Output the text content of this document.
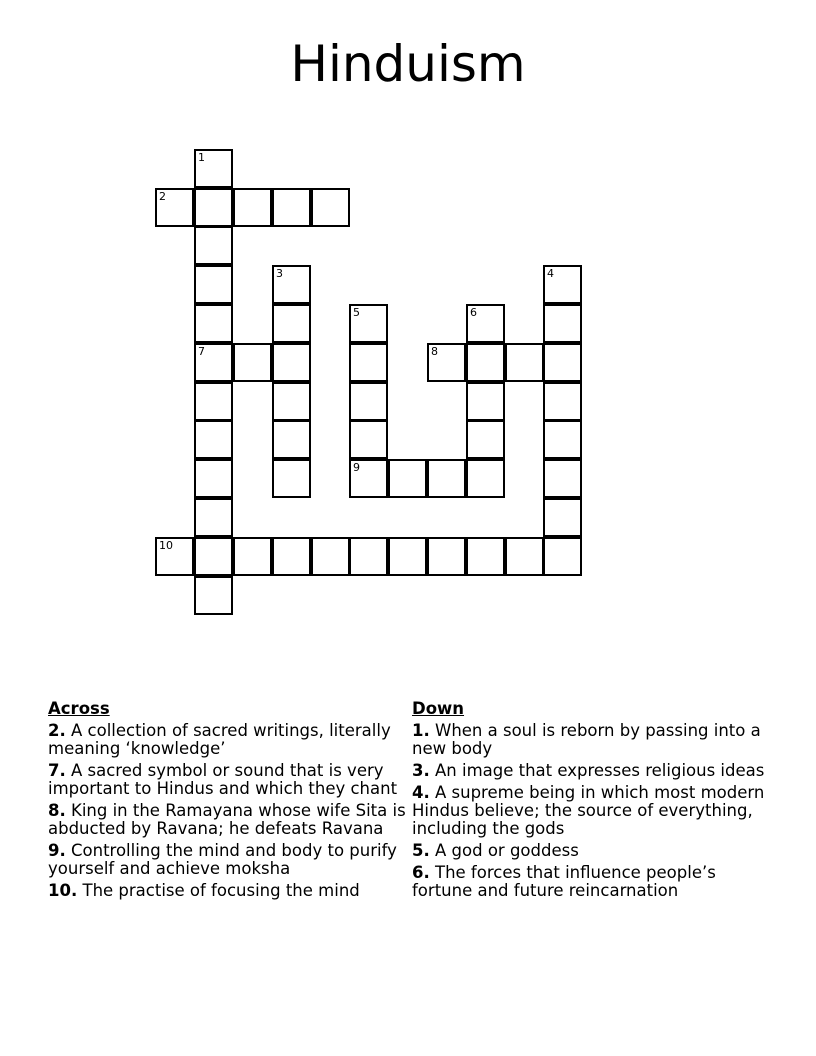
Hinduism
1
2
3	4
5	6
7	8
9
10
Across
2. A collection of sacred writings, literally meaning ‘knowledge’
7. A sacred symbol or sound that is very important to Hindus and which they chant
8. King in the Ramayana whose wife Sita is abducted by Ravana; he defeats Ravana
9. Controlling the mind and body to purify yourself and achieve moksha
10. The practise of focusing the mind
Down
1. When a soul is reborn by passing into a new body
3. An image that expresses religious ideas
4. A supreme being in which most modern Hindus believe; the source of everything, including the gods
5. A god or goddess
6. The forces that influence people’s fortune and future reincarnation
